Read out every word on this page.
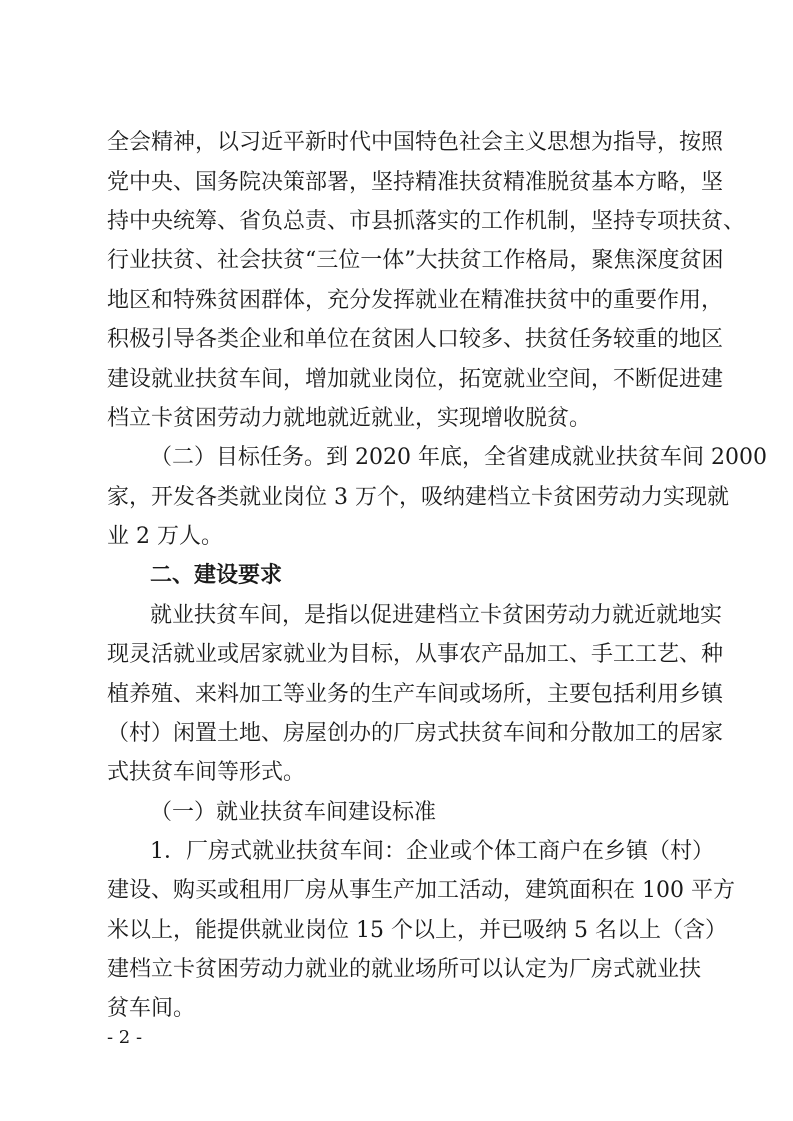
全会精神，以习近平新时代中国特色社会主义思想为指导，按照
党中央、国务院决策部署，坚持精准扶贫精准脱贫基本方略，坚
持中央统筹、省负总责、市县抓落实的工作机制，坚持专项扶贫、
行业扶贫、社会扶贫“三位一体”大扶贫工作格局，聚焦深度贫困
地区和特殊贫困群体，充分发挥就业在精准扶贫中的重要作用，
积极引导各类企业和单位在贫困人口较多、扶贫任务较重的地区
建设就业扶贫车间，增加就业岗位，拓宽就业空间，不断促进建
档立卡贫困劳动力就地就近就业，实现增收脱贫。
（二）目标任务。到 2020 年底，全省建成就业扶贫车间 2000
家，开发各类就业岗位 3 万个，吸纳建档立卡贫困劳动力实现就
业 2 万人。
二、建设要求
就业扶贫车间，是指以促进建档立卡贫困劳动力就近就地实
现灵活就业或居家就业为目标，从事农产品加工、手工工艺、种
植养殖、来料加工等业务的生产车间或场所，主要包括利用乡镇
（村）闲置土地、房屋创办的厂房式扶贫车间和分散加工的居家
式扶贫车间等形式。
（一）就业扶贫车间建设标准
1．厂房式就业扶贫车间：企业或个体工商户在乡镇（村）
建设、购买或租用厂房从事生产加工活动，建筑面积在 100 平方
米以上，能提供就业岗位 15 个以上，并已吸纳 5 名以上（含）
建档立卡贫困劳动力就业的就业场所可以认定为厂房式就业扶
贫车间。
- 2 -
